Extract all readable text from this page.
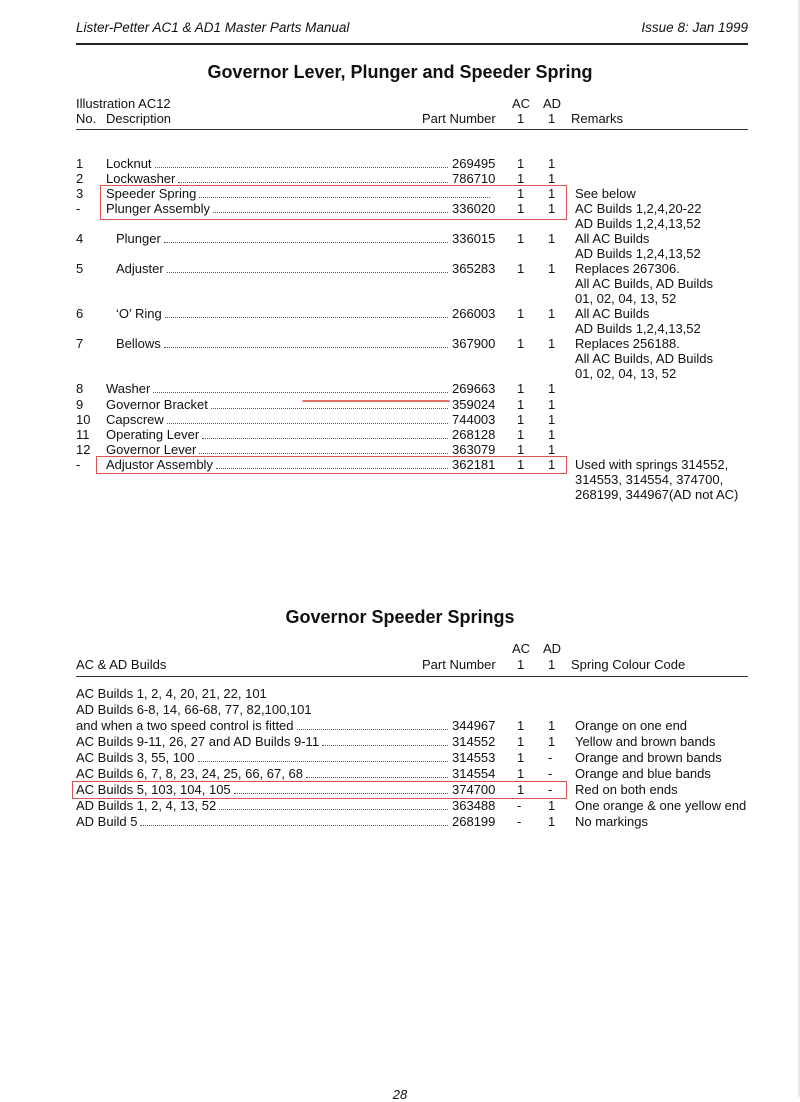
Lister-Petter AC1 & AD1 Master Parts Manual	Issue 8: Jan 1999
Governor Lever, Plunger and Speeder Spring
Illustration AC12	AC AD
No. Description	Part Number 1 1 Remarks
1 Locknut	269495 1 1
2 Lockwasher	786710 1 1
3 Speeder Spring	1 1 See below
- Plunger Assembly	336020 1 1 AC Builds 1,2,4,20-22
AD Builds 1,2,4,13,52
4	Plunger	336015 1 1 All AC Builds
AD Builds 1,2,4,13,52
5	Adjuster	365283 1 1 Replaces 267306.
All AC Builds, AD Builds
01, 02, 04, 13, 52
6	‘O’ Ring	266003 1 1 All AC Builds
AD Builds 1,2,4,13,52
7	Bellows	367900 1 1 Replaces 256188.
All AC Builds, AD Builds
01, 02, 04, 13, 52
8 Washer	269663 1 1
9 Governor Bracket	359024 1 1
10 Capscrew	744003 1 1
11 Operating Lever	268128 1 1
12 Governor Lever	363079 1 1
- Adjustor Assembly	362181 1 1 Used with springs 314552,
314553, 314554, 374700,
268199, 344967(AD not AC)
Governor Speeder Springs
AC AD
AC & AD Builds	Part Number 1 1 Spring Colour Code
AC Builds 1, 2, 4, 20, 21, 22, 101
AD Builds 6-8, 14, 66-68, 77, 82,100,101
and when a two speed control is fitted	344967 1 1 Orange on one end
AC Builds 9-11, 26, 27 and AD Builds 9-11	314552 1 1 Yellow and brown bands
AC Builds 3, 55, 100	314553 1 - Orange and brown bands
AC Builds 6, 7, 8, 23, 24, 25, 66, 67, 68	314554 1 - Orange and blue bands
AC Builds 5, 103, 104, 105	374700 1 - Red on both ends
AD Builds 1, 2, 4, 13, 52	363488 - 1 One orange & one yellow end
AD Build 5	268199 - 1 No markings
28
